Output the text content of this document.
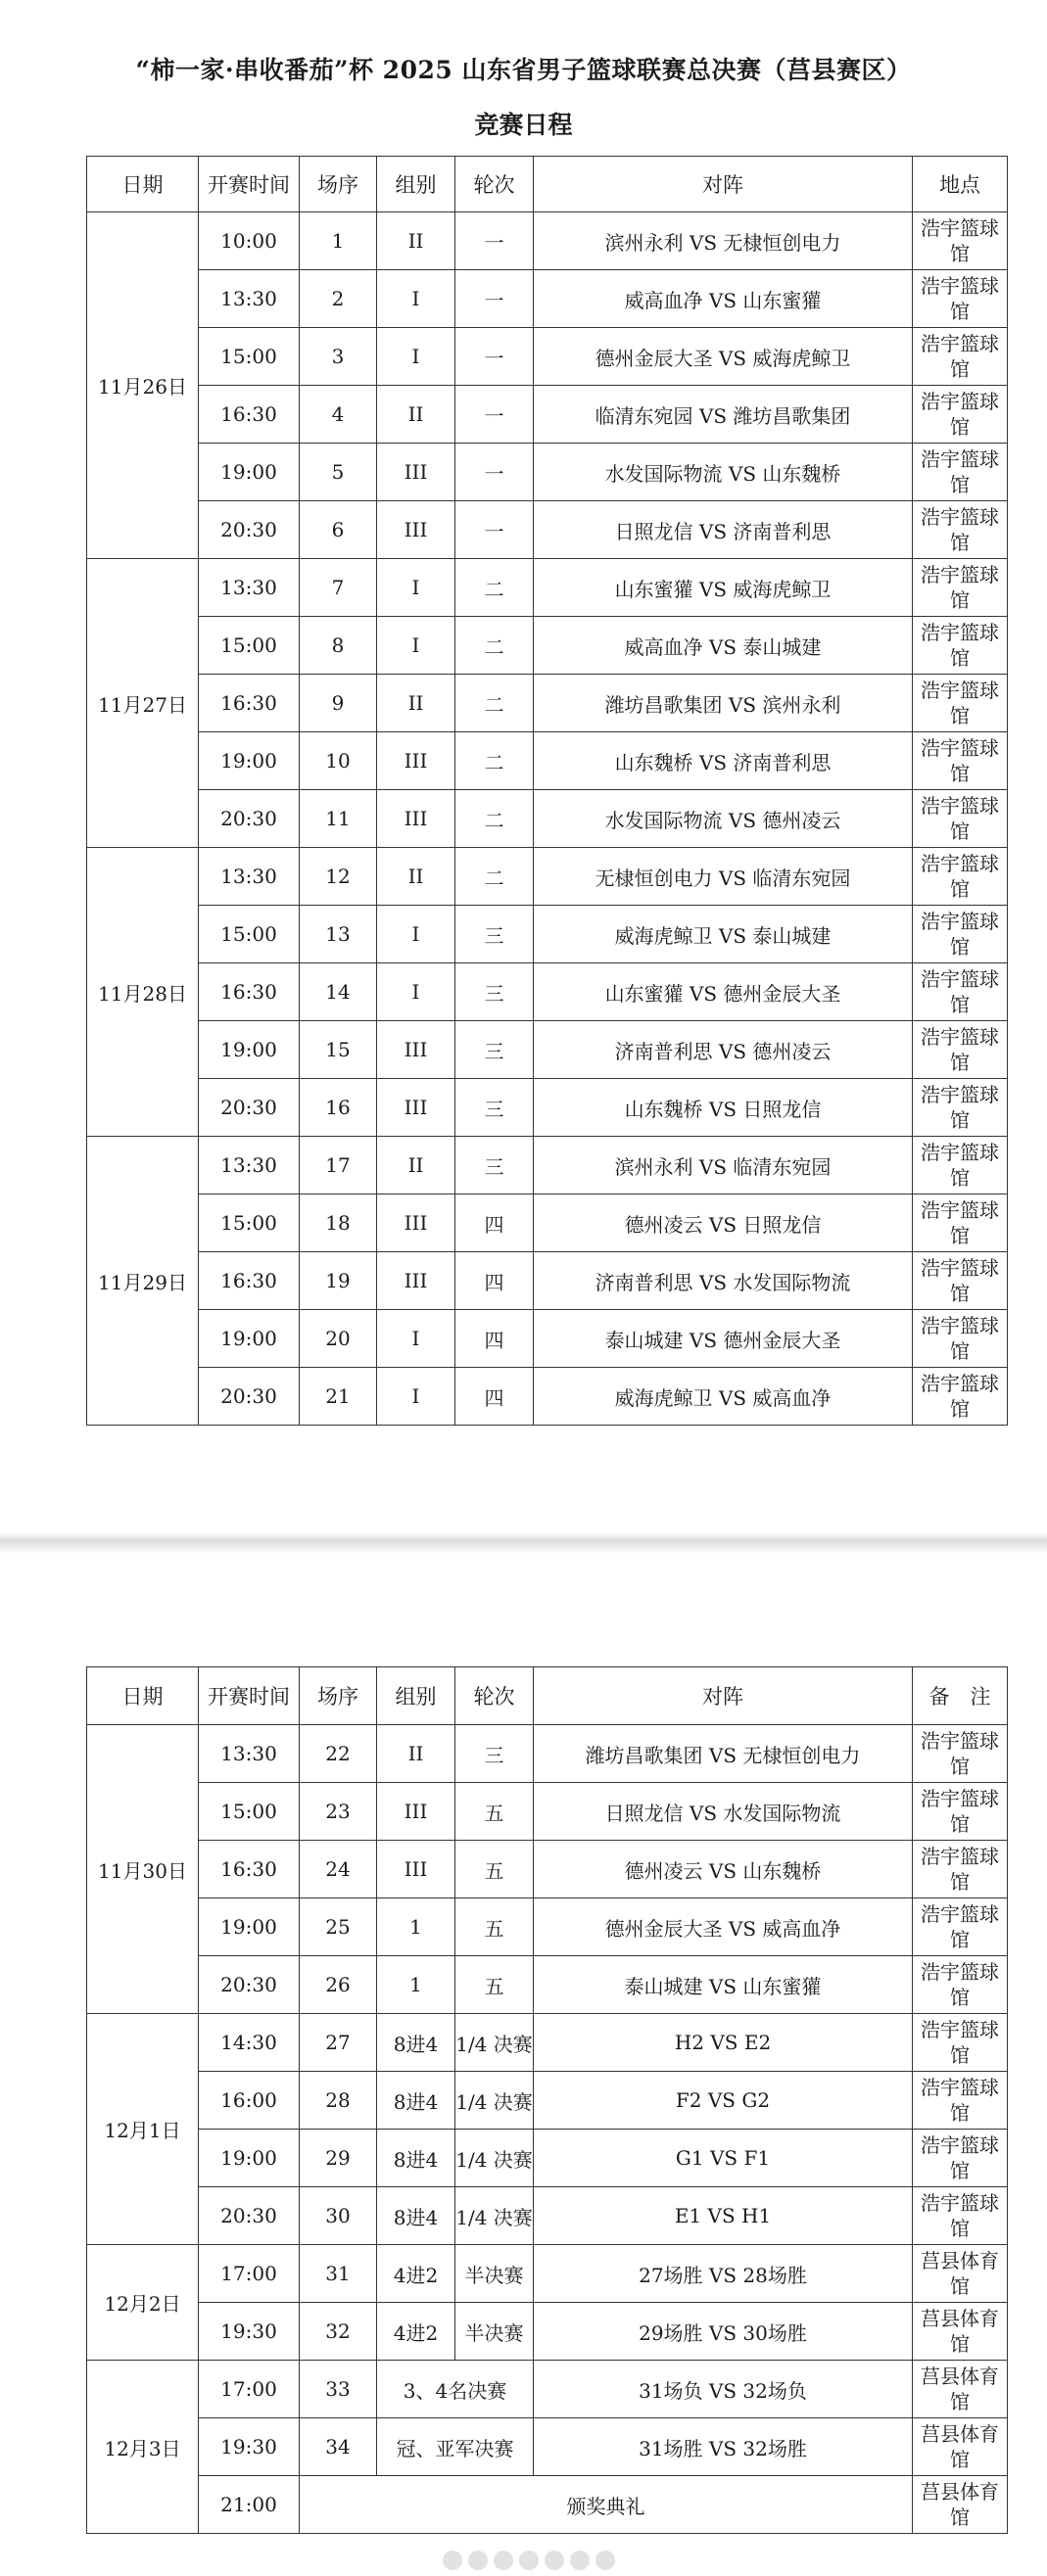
“柿一家·串收番茄”杯 2025 山东省男子篮球联赛总决赛（莒县赛区）
竞赛日程
日期	开赛时间	场序	组别	轮次	对阵	地点
11月26日	10:00	1	II	一	滨州永利 VS 无棣恒创电力	浩宇篮球馆
	13:30	2	I	一	威高血净 VS 山东蜜獾	浩宇篮球馆
	15:00	3	I	一	德州金辰大圣 VS 威海虎鲸卫	浩宇篮球馆
	16:30	4	II	一	临清东宛园 VS 潍坊昌歌集团	浩宇篮球馆
	19:00	5	III	一	水发国际物流 VS 山东魏桥	浩宇篮球馆
	20:30	6	III	一	日照龙信 VS 济南普利思	浩宇篮球馆
11月27日	13:30	7	I	二	山东蜜獾 VS 威海虎鲸卫	浩宇篮球馆
	15:00	8	I	二	威高血净 VS 泰山城建	浩宇篮球馆
	16:30	9	II	二	潍坊昌歌集团 VS 滨州永利	浩宇篮球馆
	19:00	10	III	二	山东魏桥 VS 济南普利思	浩宇篮球馆
	20:30	11	III	二	水发国际物流 VS 德州凌云	浩宇篮球馆
11月28日	13:30	12	II	二	无棣恒创电力 VS 临清东宛园	浩宇篮球馆
	15:00	13	I	三	威海虎鲸卫 VS 泰山城建	浩宇篮球馆
	16:30	14	I	三	山东蜜獾 VS 德州金辰大圣	浩宇篮球馆
	19:00	15	III	三	济南普利思 VS 德州凌云	浩宇篮球馆
	20:30	16	III	三	山东魏桥 VS 日照龙信	浩宇篮球馆
11月29日	13:30	17	II	三	滨州永利 VS 临清东宛园	浩宇篮球馆
	15:00	18	III	四	德州凌云 VS 日照龙信	浩宇篮球馆
	16:30	19	III	四	济南普利思 VS 水发国际物流	浩宇篮球馆
	19:00	20	I	四	泰山城建 VS 德州金辰大圣	浩宇篮球馆
	20:30	21	I	四	威海虎鲸卫 VS 威高血净	浩宇篮球馆
日期	开赛时间	场序	组别	轮次	对阵	备　注
11月30日	13:30	22	II	三	潍坊昌歌集团 VS 无棣恒创电力	浩宇篮球馆
	15:00	23	III	五	日照龙信 VS 水发国际物流	浩宇篮球馆
	16:30	24	III	五	德州凌云 VS 山东魏桥	浩宇篮球馆
	19:00	25	1	五	德州金辰大圣 VS 威高血净	浩宇篮球馆
	20:30	26	1	五	泰山城建 VS 山东蜜獾	浩宇篮球馆
12月1日	14:30	27	8进4	1/4 决赛	H2 VS E2	浩宇篮球馆
	16:00	28	8进4	1/4 决赛	F2 VS G2	浩宇篮球馆
	19:00	29	8进4	1/4 决赛	G1 VS F1	浩宇篮球馆
	20:30	30	8进4	1/4 决赛	E1 VS H1	浩宇篮球馆
12月2日	17:00	31	4进2	半决赛	27场胜 VS 28场胜	莒县体育馆
	19:30	32	4进2	半决赛	29场胜 VS 30场胜	莒县体育馆
12月3日	17:00	33	3、4名决赛		31场负 VS 32场负	莒县体育馆
	19:30	34	冠、亚军决赛		31场胜 VS 32场胜	莒县体育馆
	21:00	颁奖典礼				莒县体育馆
